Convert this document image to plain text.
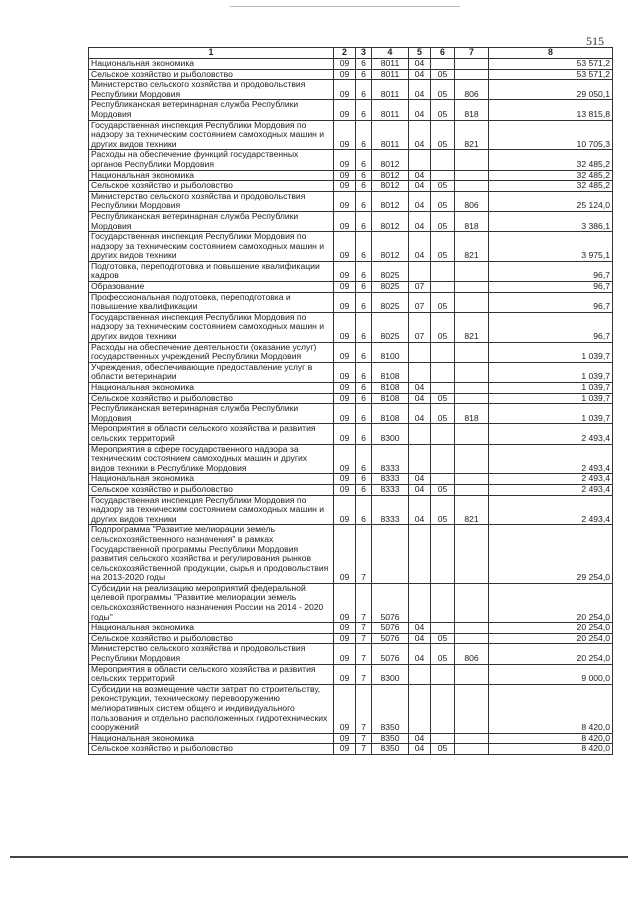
515
1	2	3	4	5	6	7	8
Национальная экономика	09	6	8011	04			53 571,2
Сельское хозяйство и рыболовство	09	6	8011	04	05		53 571,2
Министерство сельского хозяйства и продовольствия Республики Мордовия	09	6	8011	04	05	806	29 050,1
Республиканская ветеринарная служба Республики Мордовия	09	6	8011	04	05	818	13 815,8
Государственная инспекция Республики Мордовия по надзору за техническим состоянием самоходных машин и других видов техники	09	6	8011	04	05	821	10 705,3
Расходы на обеспечение функций государственных органов Республики Мордовия	09	6	8012				32 485,2
Национальная экономика	09	6	8012	04			32 485,2
Сельское хозяйство и рыболовство	09	6	8012	04	05		32 485,2
Министерство сельского хозяйства и продовольствия Республики Мордовия	09	6	8012	04	05	806	25 124,0
Республиканская ветеринарная служба Республики Мордовия	09	6	8012	04	05	818	3 386,1
Государственная инспекция Республики Мордовия по надзору за техническим состоянием самоходных машин и других видов техники	09	6	8012	04	05	821	3 975,1
Подготовка, переподготовка и повышение квалификации кадров	09	6	8025				96,7
Образование	09	6	8025	07			96,7
Профессиональная подготовка, переподготовка и повышение квалификации	09	6	8025	07	05		96,7
Государственная инспекция Республики Мордовия по надзору за техническим состоянием самоходных машин и других видов техники	09	6	8025	07	05	821	96,7
Расходы на обеспечение деятельности (оказание услуг) государственных учреждений Республики Мордовия	09	6	8100				1 039,7
Учреждения, обеспечивающие предоставление услуг в области ветеринарии	09	6	8108				1 039,7
Национальная экономика	09	6	8108	04			1 039,7
Сельское хозяйство и рыболовство	09	6	8108	04	05		1 039,7
Республиканская ветеринарная служба Республики Мордовия	09	6	8108	04	05	818	1 039,7
Мероприятия в области сельского хозяйства и развития сельских территорий	09	6	8300				2 493,4
Мероприятия в сфере государственного надзора за техническим состоянием самоходных машин и других видов техники в Республике Мордовия	09	6	8333				2 493,4
Национальная экономика	09	6	8333	04			2 493,4
Сельское хозяйство и рыболовство	09	6	8333	04	05		2 493,4
Государственная инспекция Республики Мордовия по надзору за техническим состоянием самоходных машин и других видов техники	09	6	8333	04	05	821	2 493,4
Подпрограмма "Развитие мелиорации земель сельскохозяйственного назначения" в рамках Государственной программы Республики Мордовия развития сельского хозяйства и регулирования рынков сельскохозяйственной продукции, сырья и продовольствия на 2013-2020 годы	09	7					29 254,0
Субсидии на реализацию мероприятий федеральной целевой программы "Развитие мелиорации земель сельскохозяйственного назначения России на 2014 - 2020 годы"	09	7	5076				20 254,0
Национальная экономика	09	7	5076	04			20 254,0
Сельское хозяйство и рыболовство	09	7	5076	04	05		20 254,0
Министерство сельского хозяйства и продовольствия Республики Мордовия	09	7	5076	04	05	806	20 254,0
Мероприятия в области сельского хозяйства и развития сельских территорий	09	7	8300				9 000,0
Субсидии на возмещение части затрат по строительству, реконструкции, техническому перевооружению мелиоративных систем общего и индивидуального пользования и отдельно расположенных гидротехнических сооружений	09	7	8350				8 420,0
Национальная экономика	09	7	8350	04			8 420,0
Сельское хозяйство и рыболовство	09	7	8350	04	05		8 420,0
